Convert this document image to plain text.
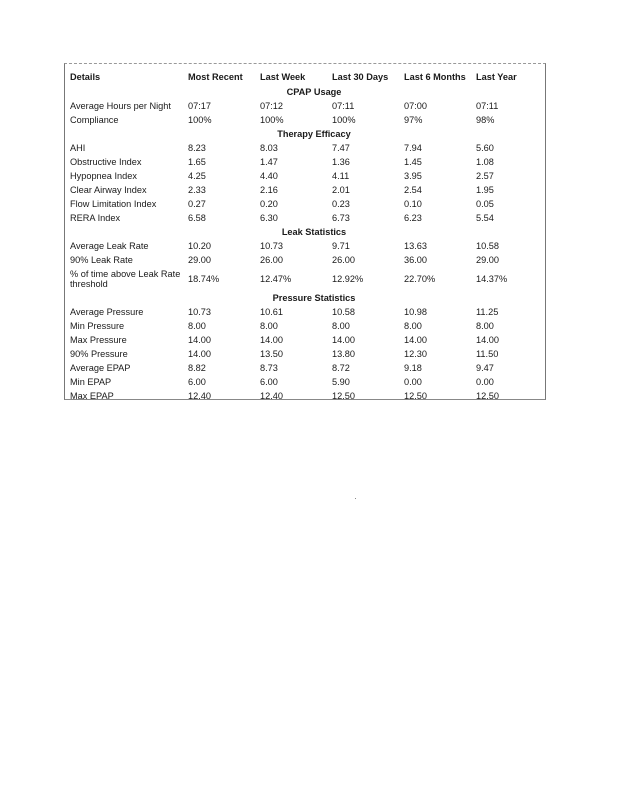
Details	Most Recent	Last Week	Last 30 Days	Last 6 Months	Last Year
CPAP Usage					
Average Hours per Night	07:17	07:12	07:11	07:00	07:11
Compliance	100%	100%	100%	97%	98%
Therapy Efficacy					
AHI	8.23	8.03	7.47	7.94	5.60
Obstructive Index	1.65	1.47	1.36	1.45	1.08
Hypopnea Index	4.25	4.40	4.11	3.95	2.57
Clear Airway Index	2.33	2.16	2.01	2.54	1.95
Flow Limitation Index	0.27	0.20	0.23	0.10	0.05
RERA Index	6.58	6.30	6.73	6.23	5.54
Leak Statistics					
Average Leak Rate	10.20	10.73	9.71	13.63	10.58
90% Leak Rate	29.00	26.00	26.00	36.00	29.00
% of time above Leak Rate threshold	18.74%	12.47%	12.92%	22.70%	14.37%
Pressure Statistics					
Average Pressure	10.73	10.61	10.58	10.98	11.25
Min Pressure	8.00	8.00	8.00	8.00	8.00
Max Pressure	14.00	14.00	14.00	14.00	14.00
90% Pressure	14.00	13.50	13.80	12.30	11.50
Average EPAP	8.82	8.73	8.72	9.18	9.47
Min EPAP	6.00	6.00	5.90	0.00	0.00
Max EPAP	12.40	12.40	12.50	12.50	12.50
